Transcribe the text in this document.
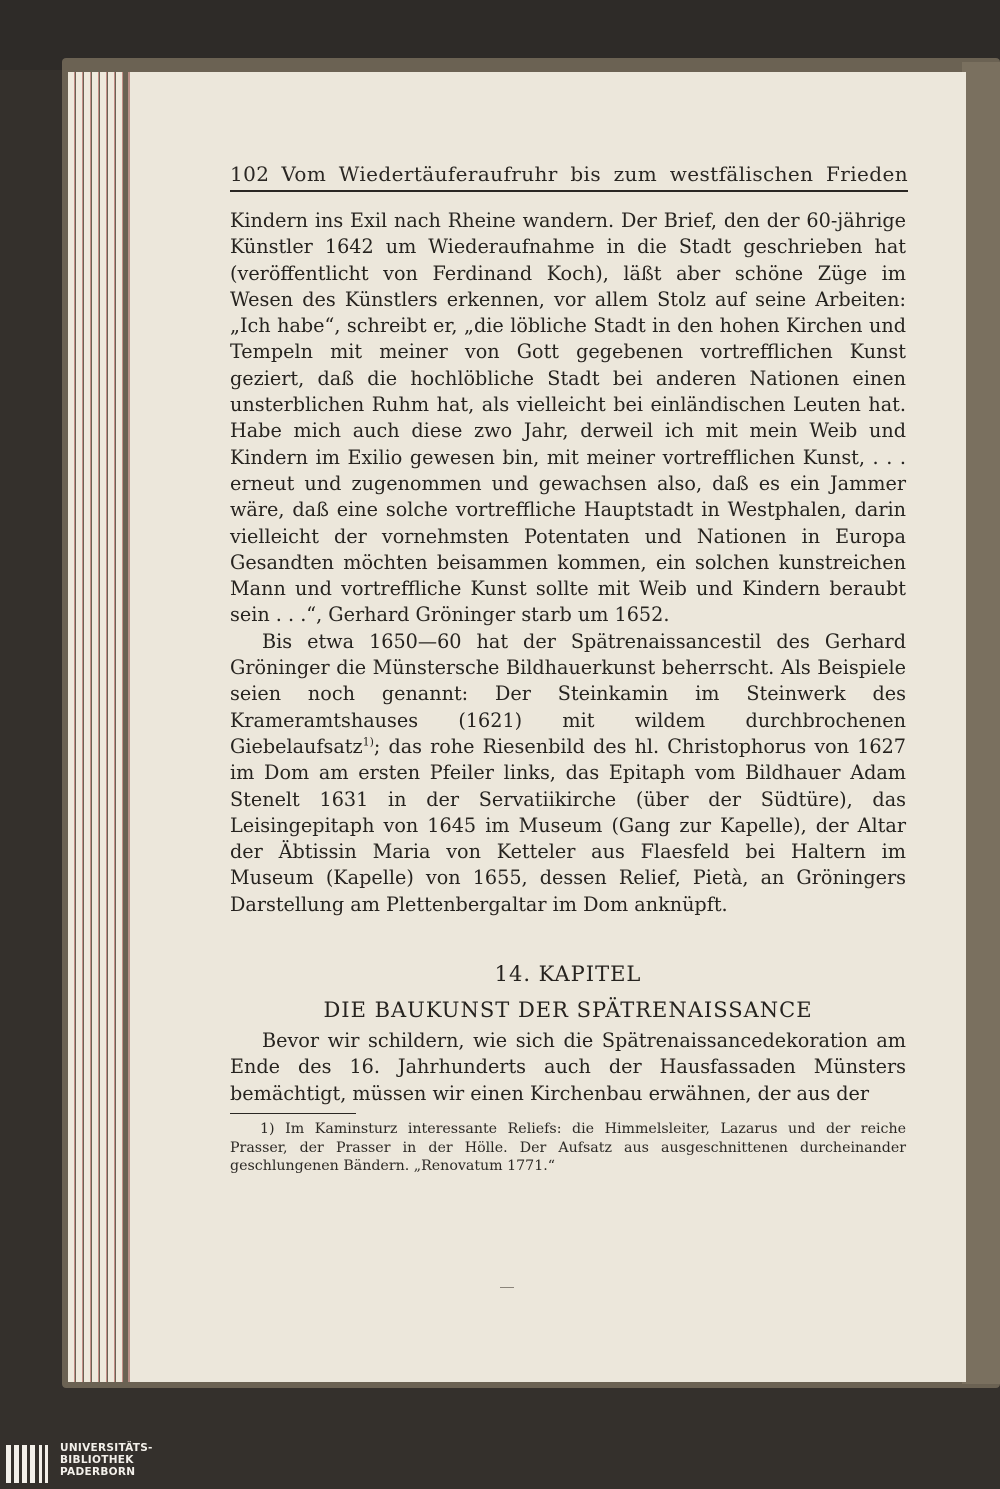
102 Vom Wiedertäuferaufruhr bis zum westfälischen Frieden

Kindern ins Exil nach Rheine wandern. Der Brief, den der 60-jährige Künstler 1642 um Wiederaufnahme in die Stadt geschrieben hat (veröffentlicht von Ferdinand Koch), läßt aber schöne Züge im Wesen des Künstlers erkennen, vor allem Stolz auf seine Arbeiten: „Ich habe“, schreibt er, „die löbliche Stadt in den hohen Kirchen und Tempeln mit meiner von Gott gegebenen vortrefflichen Kunst geziert, daß die hochlöbliche Stadt bei anderen Nationen einen unsterblichen Ruhm hat, als vielleicht bei einländischen Leuten hat. Habe mich auch diese zwo Jahr, derweil ich mit mein Weib und Kindern im Exilio gewesen bin, mit meiner vortrefflichen Kunst, . . . erneut und zugenommen und gewachsen also, daß es ein Jammer wäre, daß eine solche vortreffliche Hauptstadt in Westphalen, darin vielleicht der vornehmsten Potentaten und Nationen in Europa Gesandten möchten beisammen kommen, ein solchen kunstreichen Mann und vortreffliche Kunst sollte mit Weib und Kindern beraubt sein . . .“, Gerhard Gröninger starb um 1652.

Bis etwa 1650—60 hat der Spätrenaissancestil des Gerhard Gröninger die Münstersche Bildhauerkunst beherrscht. Als Beispiele seien noch genannt: Der Steinkamin im Steinwerk des Krameramtshauses (1621) mit wildem durchbrochenen Giebelaufsatz$^{1)}$; das rohe Riesenbild des hl. Christophorus von 1627 im Dom am ersten Pfeiler links, das Epitaph vom Bildhauer Adam Stenelt 1631 in der Servatiikirche (über der Südtüre), das Leisingepitaph von 1645 im Museum (Gang zur Kapelle), der Altar der Äbtissin Maria von Ketteler aus Flaesfeld bei Haltern im Museum (Kapelle) von 1655, dessen Relief, Pietà, an Gröningers Darstellung am Plettenbergaltar im Dom anknüpft.

14. KAPITEL
DIE BAUKUNST DER SPÄTRENAISSANCE

Bevor wir schildern, wie sich die Spätrenaissancedekoration am Ende des 16. Jahrhunderts auch der Hausfassaden Münsters bemächtigt, müssen wir einen Kirchenbau erwähnen, der aus der

1) Im Kaminsturz interessante Reliefs: die Himmelsleiter, Lazarus und der reiche Prasser, der Prasser in der Hölle. Der Aufsatz aus ausgeschnittenen durcheinander geschlungenen Bändern. „Renovatum 1771.“

UNIVERSITÄTS-
BIBLIOTHEK
PADERBORN
